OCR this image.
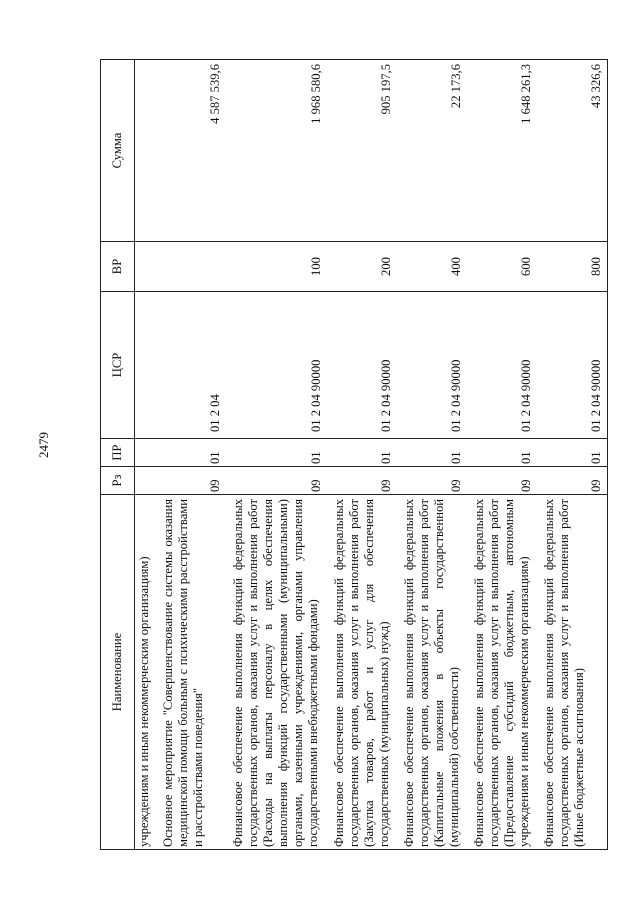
2479
Наименование	Рз	ПР	ЦСР	ВР	Сумма
учреждениям и иным некоммерческим организациям)					
Основное мероприятие "Совершенствование системы оказания медицинской помощи больным с психическими расстройствами и расстройствами поведения"	09	01	01 2 04		4 587 539,6
Финансовое обеспечение выполнения функций федеральных государственных органов, оказания услуг и выполнения работ (Расходы на выплаты персоналу в целях обеспечения выполнения функций государственными (муниципальными) органами, казенными учреждениями, органами управления государственными внебюджетными фондами)	09	01	01 2 04 90000	100	1 968 580,6
Финансовое обеспечение выполнения функций федеральных государственных органов, оказания услуг и выполнения работ (Закупка товаров, работ и услуг для обеспечения государственных (муниципальных) нужд)	09	01	01 2 04 90000	200	905 197,5
Финансовое обеспечение выполнения функций федеральных государственных органов, оказания услуг и выполнения работ (Капитальные вложения в объекты государственной (муниципальной) собственности)	09	01	01 2 04 90000	400	22 173,6
Финансовое обеспечение выполнения функций федеральных государственных органов, оказания услуг и выполнения работ (Предоставление субсидий бюджетным, автономным учреждениям и иным некоммерческим организациям)	09	01	01 2 04 90000	600	1 648 261,3
Финансовое обеспечение выполнения функций федеральных государственных органов, оказания услуг и выполнения работ (Иные бюджетные ассигнования)	09	01	01 2 04 90000	800	43 326,6
